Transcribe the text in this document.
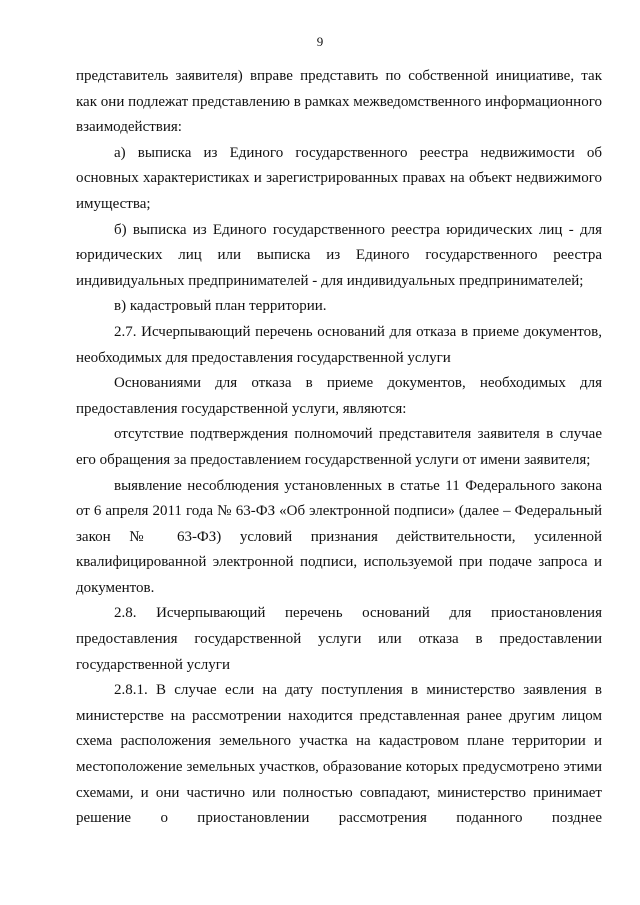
9

представитель заявителя) вправе представить по собственной инициативе, так как они подлежат представлению в рамках межведомственного информационного взаимодействия:

а) выписка из Единого государственного реестра недвижимости об основных характеристиках и зарегистрированных правах на объект недвижимого имущества;

б) выписка из Единого государственного реестра юридических лиц - для юридических лиц или выписка из Единого государственного реестра индивидуальных предпринимателей - для индивидуальных предпринимателей;

в) кадастровый план территории.

2.7. Исчерпывающий перечень оснований для отказа в приеме документов, необходимых для предоставления государственной услуги

Основаниями для отказа в приеме документов, необходимых для предоставления государственной услуги, являются:

отсутствие подтверждения полномочий представителя заявителя в случае его обращения за предоставлением государственной услуги от имени заявителя;

выявление несоблюдения установленных в статье 11 Федерального закона от 6 апреля 2011 года № 63-ФЗ «Об электронной подписи» (далее – Федеральный закон № 63-ФЗ) условий признания действительности, усиленной квалифицированной электронной подписи, используемой при подаче запроса и документов.

2.8. Исчерпывающий перечень оснований для приостановления предоставления государственной услуги или отказа в предоставлении государственной услуги

2.8.1. В случае если на дату поступления в министерство заявления в министерстве на рассмотрении находится представленная ранее другим лицом схема расположения земельного участка на кадастровом плане территории и местоположение земельных участков, образование которых предусмотрено этими схемами, и они частично или полностью совпадают, министерство принимает решение о приостановлении рассмотрения поданного позднее
